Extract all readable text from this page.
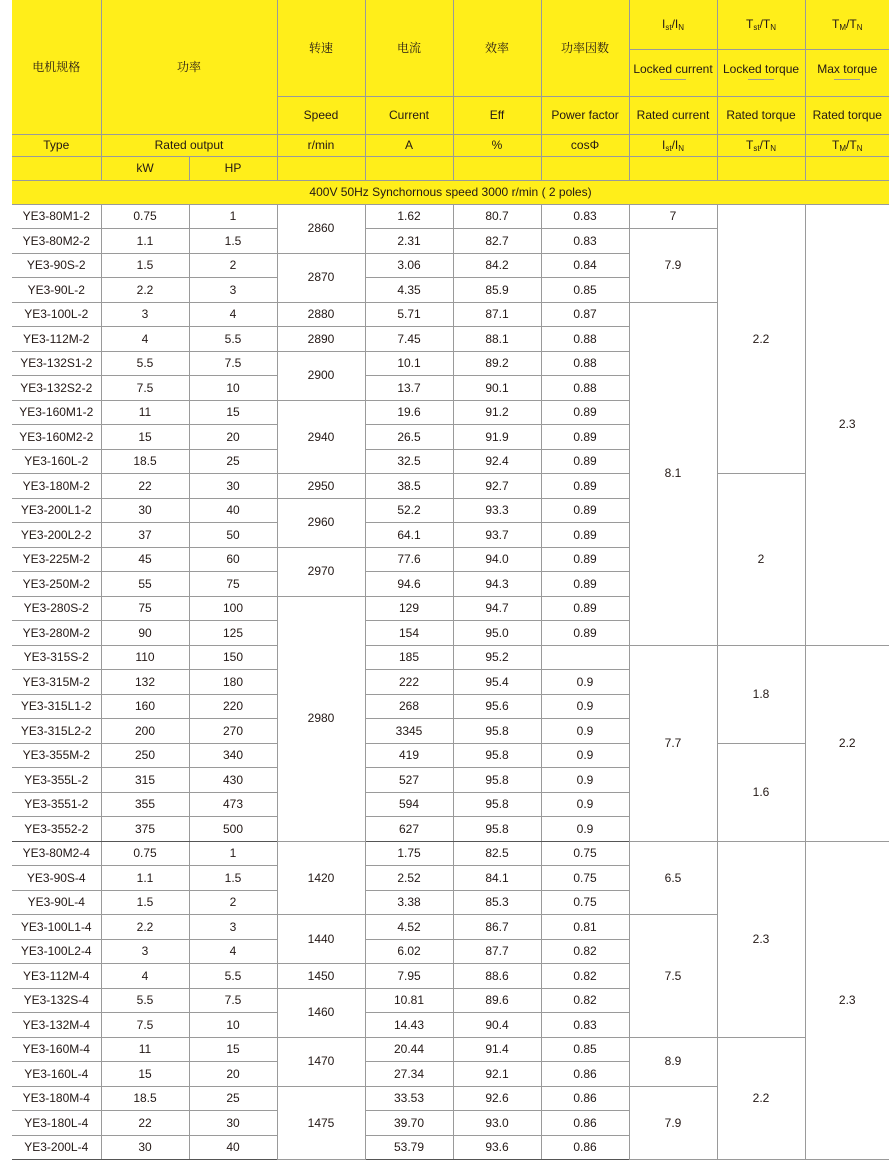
电机规格	功率		转速	电流	效率	功率因数	Ist/IN	Tst/TN	TM/TN
							Locked current	Locked torque	Max torque

			Speed	Current	Eff	Power factor	Rated current	Rated torque	Rated torque
Type	Rated output		r/min	A	%	cosΦ	Ist/IN	Tst/TN	TM/TN
	kW	HP							
400V 50Hz Synchornous speed 3000 r/min ( 2 poles)									
YE3-80M1-2	0.75	1	2860	1.62	80.7	0.83	7	2.2	2.3
YE3-80M2-2	1.1	1.5		2.31	82.7	0.83	7.9		
YE3-90S-2	1.5	2	2870	3.06	84.2	0.84			
YE3-90L-2	2.2	3		4.35	85.9	0.85			
YE3-100L-2	3	4	2880	5.71	87.1	0.87	8.1		
YE3-112M-2	4	5.5	2890	7.45	88.1	0.88			
YE3-132S1-2	5.5	7.5	2900	10.1	89.2	0.88			
YE3-132S2-2	7.5	10		13.7	90.1	0.88			
YE3-160M1-2	11	15	2940	19.6	91.2	0.89			
YE3-160M2-2	15	20		26.5	91.9	0.89			
YE3-160L-2	18.5	25		32.5	92.4	0.89			
YE3-180M-2	22	30	2950	38.5	92.7	0.89		2	
YE3-200L1-2	30	40	2960	52.2	93.3	0.89			
YE3-200L2-2	37	50		64.1	93.7	0.89			
YE3-225M-2	45	60	2970	77.6	94.0	0.89			
YE3-250M-2	55	75		94.6	94.3	0.89			
YE3-280S-2	75	100	2980	129	94.7	0.89			
YE3-280M-2	90	125		154	95.0	0.89			
YE3-315S-2	110	150		185	95.2		7.7	1.8	2.2
YE3-315M-2	132	180		222	95.4	0.9			
YE3-315L1-2	160	220		268	95.6	0.9			
YE3-315L2-2	200	270		3345	95.8	0.9			
YE3-355M-2	250	340		419	95.8	0.9		1.6	
YE3-355L-2	315	430		527	95.8	0.9			
YE3-3551-2	355	473		594	95.8	0.9			
YE3-3552-2	375	500		627	95.8	0.9			
YE3-80M2-4	0.75	1	1420	1.75	82.5	0.75	6.5	2.3	2.3
YE3-90S-4	1.1	1.5		2.52	84.1	0.75			
YE3-90L-4	1.5	2		3.38	85.3	0.75			
YE3-100L1-4	2.2	3	1440	4.52	86.7	0.81	7.5		
YE3-100L2-4	3	4		6.02	87.7	0.82			
YE3-112M-4	4	5.5	1450	7.95	88.6	0.82			
YE3-132S-4	5.5	7.5	1460	10.81	89.6	0.82			
YE3-132M-4	7.5	10		14.43	90.4	0.83			
YE3-160M-4	11	15	1470	20.44	91.4	0.85	8.9	2.2	
YE3-160L-4	15	20		27.34	92.1	0.86			
YE3-180M-4	18.5	25	1475	33.53	92.6	0.86	7.9		
YE3-180L-4	22	30		39.70	93.0	0.86			
YE3-200L-4	30	40		53.79	93.6	0.86			
